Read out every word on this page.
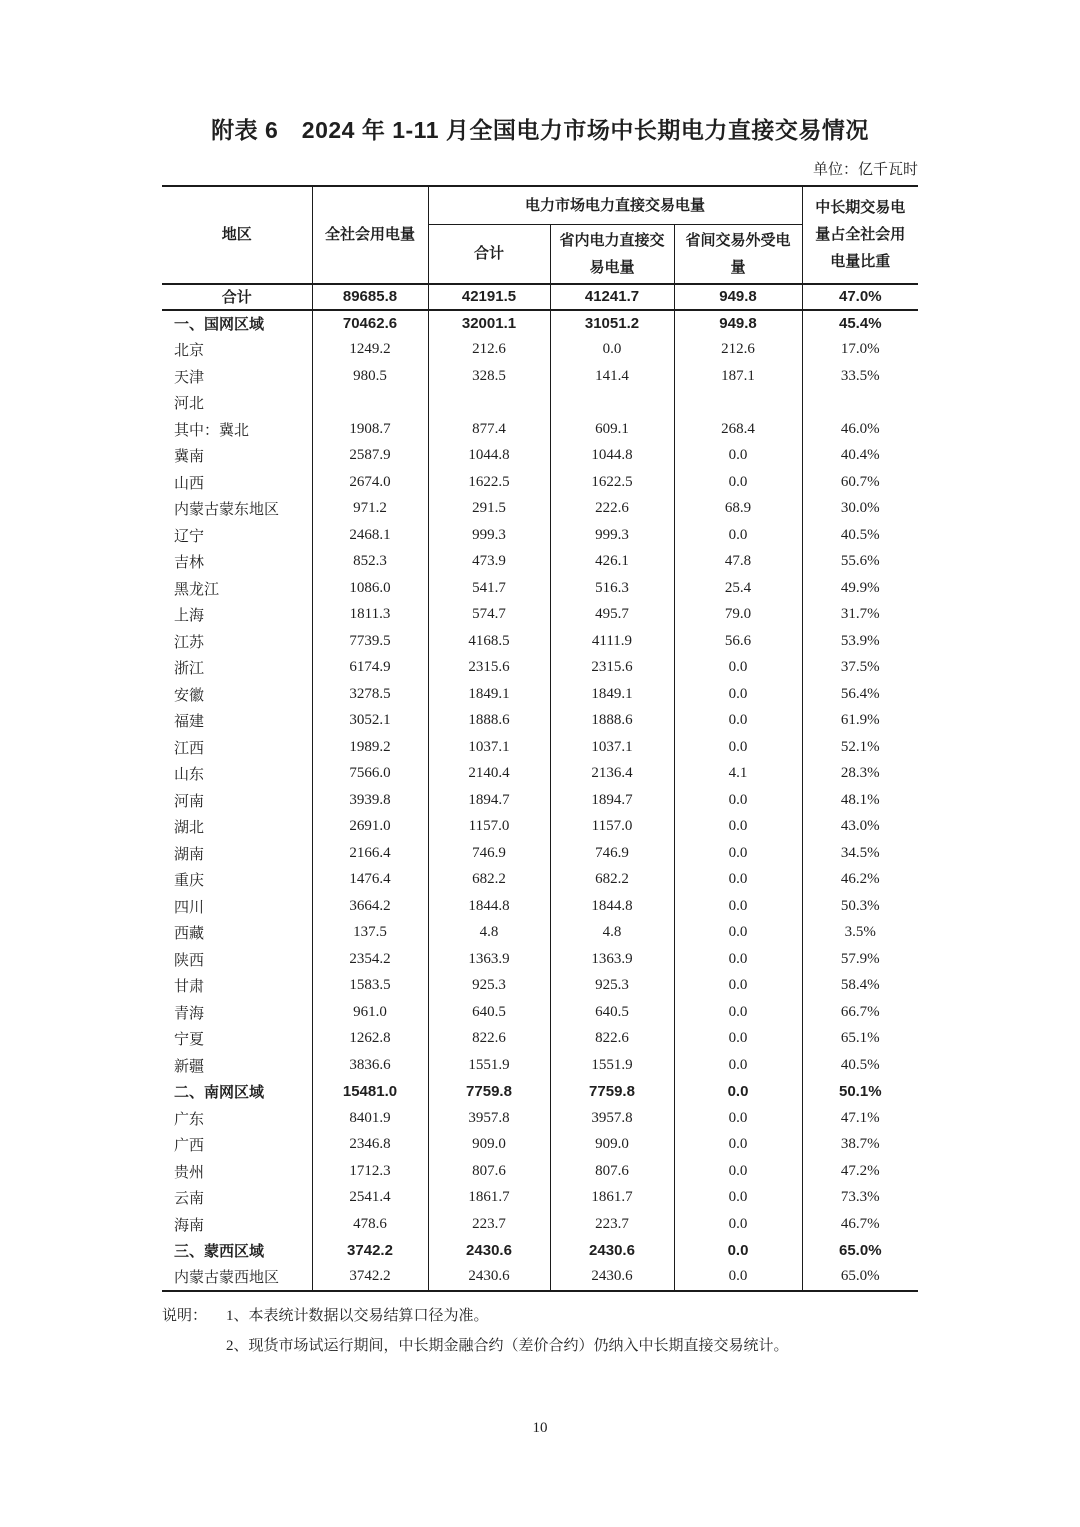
附表 6　2024 年 1-11 月全国电力市场中长期电力直接交易情况
单位：亿千瓦时
地区	全社会用电量	电力市场电力直接交易电量			中长期交易电量占全社会用电量比重
		合计	省内电力直接交易电量	省间交易外受电量	
合计	89685.8	42191.5	41241.7	949.8	47.0%
一、国网区域	70462.6	32001.1	31051.2	949.8	45.4%
北京	1249.2	212.6	0.0	212.6	17.0%
天津	980.5	328.5	141.4	187.1	33.5%
河北					
其中：冀北	1908.7	877.4	609.1	268.4	46.0%
冀南	2587.9	1044.8	1044.8	0.0	40.4%
山西	2674.0	1622.5	1622.5	0.0	60.7%
内蒙古蒙东地区	971.2	291.5	222.6	68.9	30.0%
辽宁	2468.1	999.3	999.3	0.0	40.5%
吉林	852.3	473.9	426.1	47.8	55.6%
黑龙江	1086.0	541.7	516.3	25.4	49.9%
上海	1811.3	574.7	495.7	79.0	31.7%
江苏	7739.5	4168.5	4111.9	56.6	53.9%
浙江	6174.9	2315.6	2315.6	0.0	37.5%
安徽	3278.5	1849.1	1849.1	0.0	56.4%
福建	3052.1	1888.6	1888.6	0.0	61.9%
江西	1989.2	1037.1	1037.1	0.0	52.1%
山东	7566.0	2140.4	2136.4	4.1	28.3%
河南	3939.8	1894.7	1894.7	0.0	48.1%
湖北	2691.0	1157.0	1157.0	0.0	43.0%
湖南	2166.4	746.9	746.9	0.0	34.5%
重庆	1476.4	682.2	682.2	0.0	46.2%
四川	3664.2	1844.8	1844.8	0.0	50.3%
西藏	137.5	4.8	4.8	0.0	3.5%
陕西	2354.2	1363.9	1363.9	0.0	57.9%
甘肃	1583.5	925.3	925.3	0.0	58.4%
青海	961.0	640.5	640.5	0.0	66.7%
宁夏	1262.8	822.6	822.6	0.0	65.1%
新疆	3836.6	1551.9	1551.9	0.0	40.5%
二、南网区域	15481.0	7759.8	7759.8	0.0	50.1%
广东	8401.9	3957.8	3957.8	0.0	47.1%
广西	2346.8	909.0	909.0	0.0	38.7%
贵州	1712.3	807.6	807.6	0.0	47.2%
云南	2541.4	1861.7	1861.7	0.0	73.3%
海南	478.6	223.7	223.7	0.0	46.7%
三、蒙西区域	3742.2	2430.6	2430.6	0.0	65.0%
内蒙古蒙西地区	3742.2	2430.6	2430.6	0.0	65.0%
说明：	1、本表统计数据以交易结算口径为准。
2、现货市场试运行期间，中长期金融合约（差价合约）仍纳入中长期直接交易统计。
10
